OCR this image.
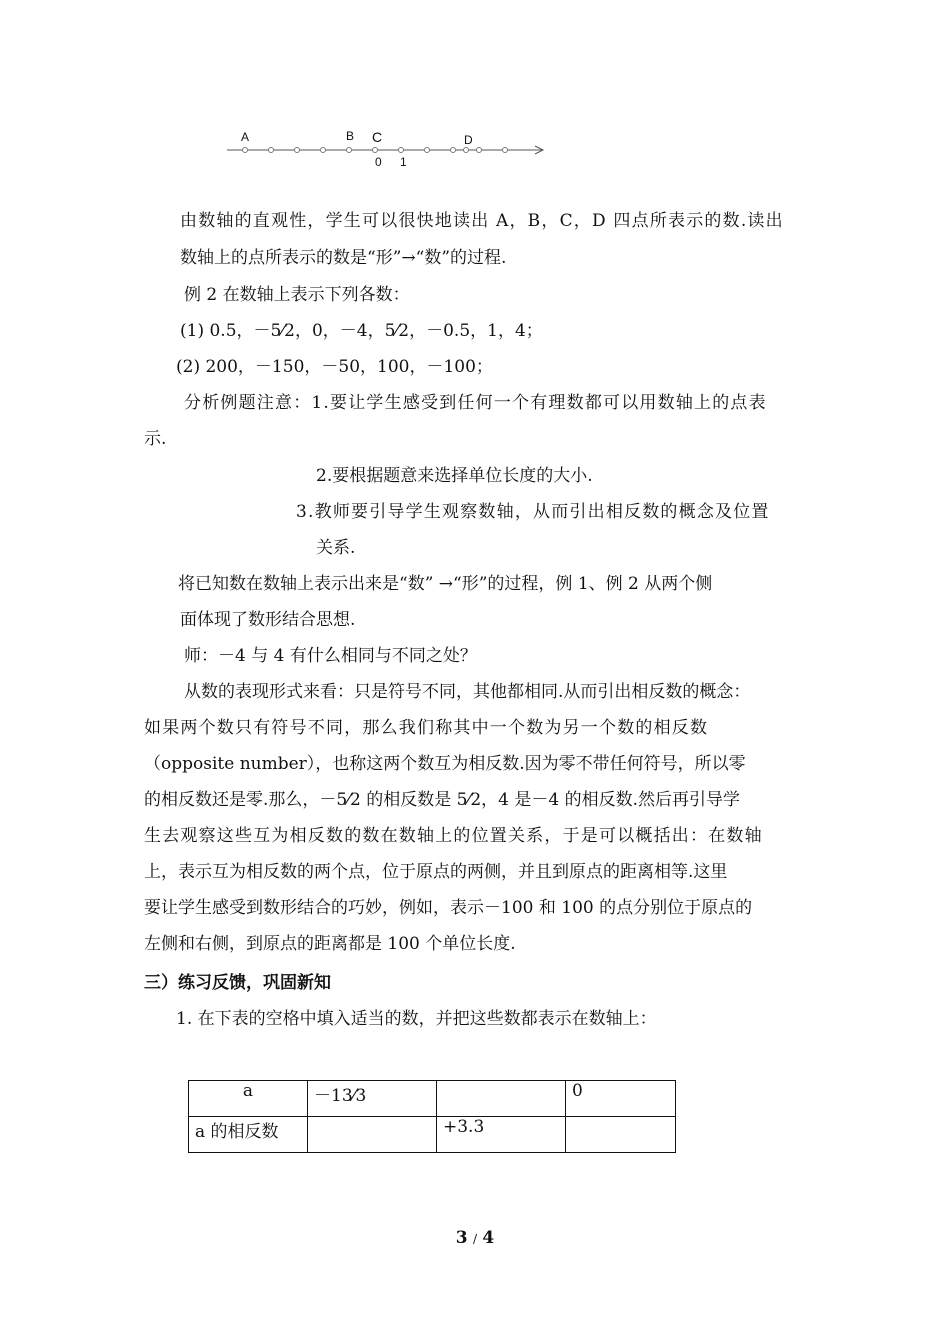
A	B C	D
0 1
由数轴的直观性，学生可以很快地读出 A，B，C，D 四点所表示的数.读出
数轴上的点所表示的数是“形”→“数”的过程.
例 2 在数轴上表示下列各数：
(1) 0.5，－5⁄2，0，－4，5⁄2，－0.5，1，4；
(2) 200，－150，－50，100，－100；
分析例题注意：1.要让学生感受到任何一个有理数都可以用数轴上的点表
示.
2.要根据题意来选择单位长度的大小.
3.教师要引导学生观察数轴，从而引出相反数的概念及位置
关系.
将已知数在数轴上表示出来是“数” →“形”的过程，例 1、例 2 从两个侧
面体现了数形结合思想.
师：－4 与 4 有什么相同与不同之处？
从数的表现形式来看：只是符号不同，其他都相同.从而引出相反数的概念：
如果两个数只有符号不同，那么我们称其中一个数为另一个数的相反数
（opposite number），也称这两个数互为相反数.因为零不带任何符号，所以零
的相反数还是零.那么，－5⁄2 的相反数是 5⁄2，4 是－4 的相反数.然后再引导学
生去观察这些互为相反数的数在数轴上的位置关系，于是可以概括出：在数轴
上，表示互为相反数的两个点，位于原点的两侧，并且到原点的距离相等.这里
要让学生感受到数形结合的巧妙，例如，表示－100 和 100 的点分别位于原点的
左侧和右侧，到原点的距离都是 100 个单位长度.
三）练习反馈，巩固新知
1. 在下表的空格中填入适当的数，并把这些数都表示在数轴上：
a	－13⁄3		0
a 的相反数		+3.3	
3 / 4
